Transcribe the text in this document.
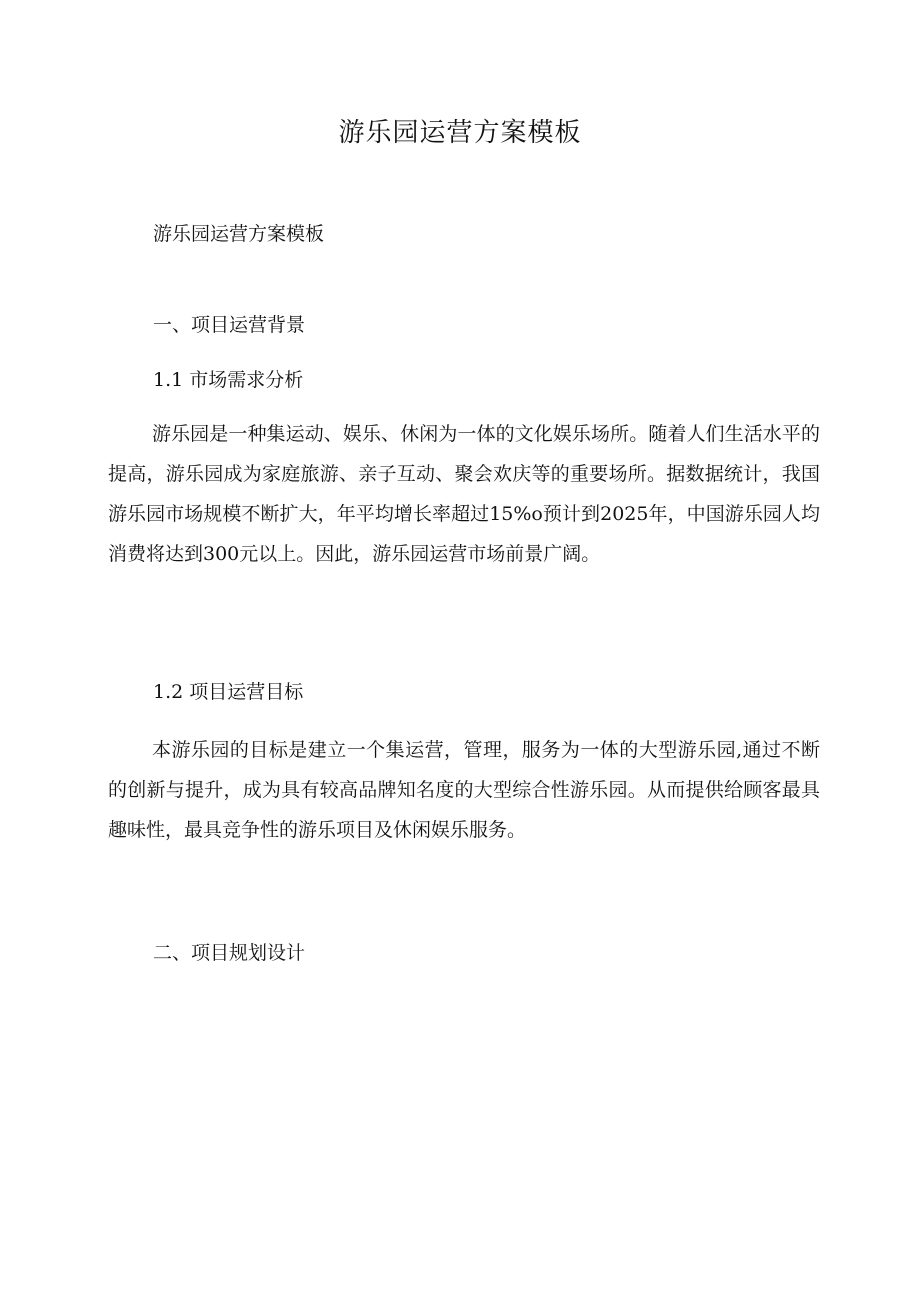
游乐园运营方案模板

游乐园运营方案模板

一、项目运营背景

1.1 市场需求分析

游乐园是一种集运动、娱乐、休闲为一体的文化娱乐场所。随着人们生活水平的提高，游乐园成为家庭旅游、亲子互动、聚会欢庆等的重要场所。据数据统计，我国游乐园市场规模不断扩大，年平均增长率超过15%o预计到2025年，中国游乐园人均消费将达到300元以上。因此，游乐园运营市场前景广阔。

1.2 项目运营目标

本游乐园的目标是建立一个集运营，管理，服务为一体的大型游乐园,通过不断的创新与提升，成为具有较高品牌知名度的大型综合性游乐园。从而提供给顾客最具趣味性，最具竞争性的游乐项目及休闲娱乐服务。

二、项目规划设计
